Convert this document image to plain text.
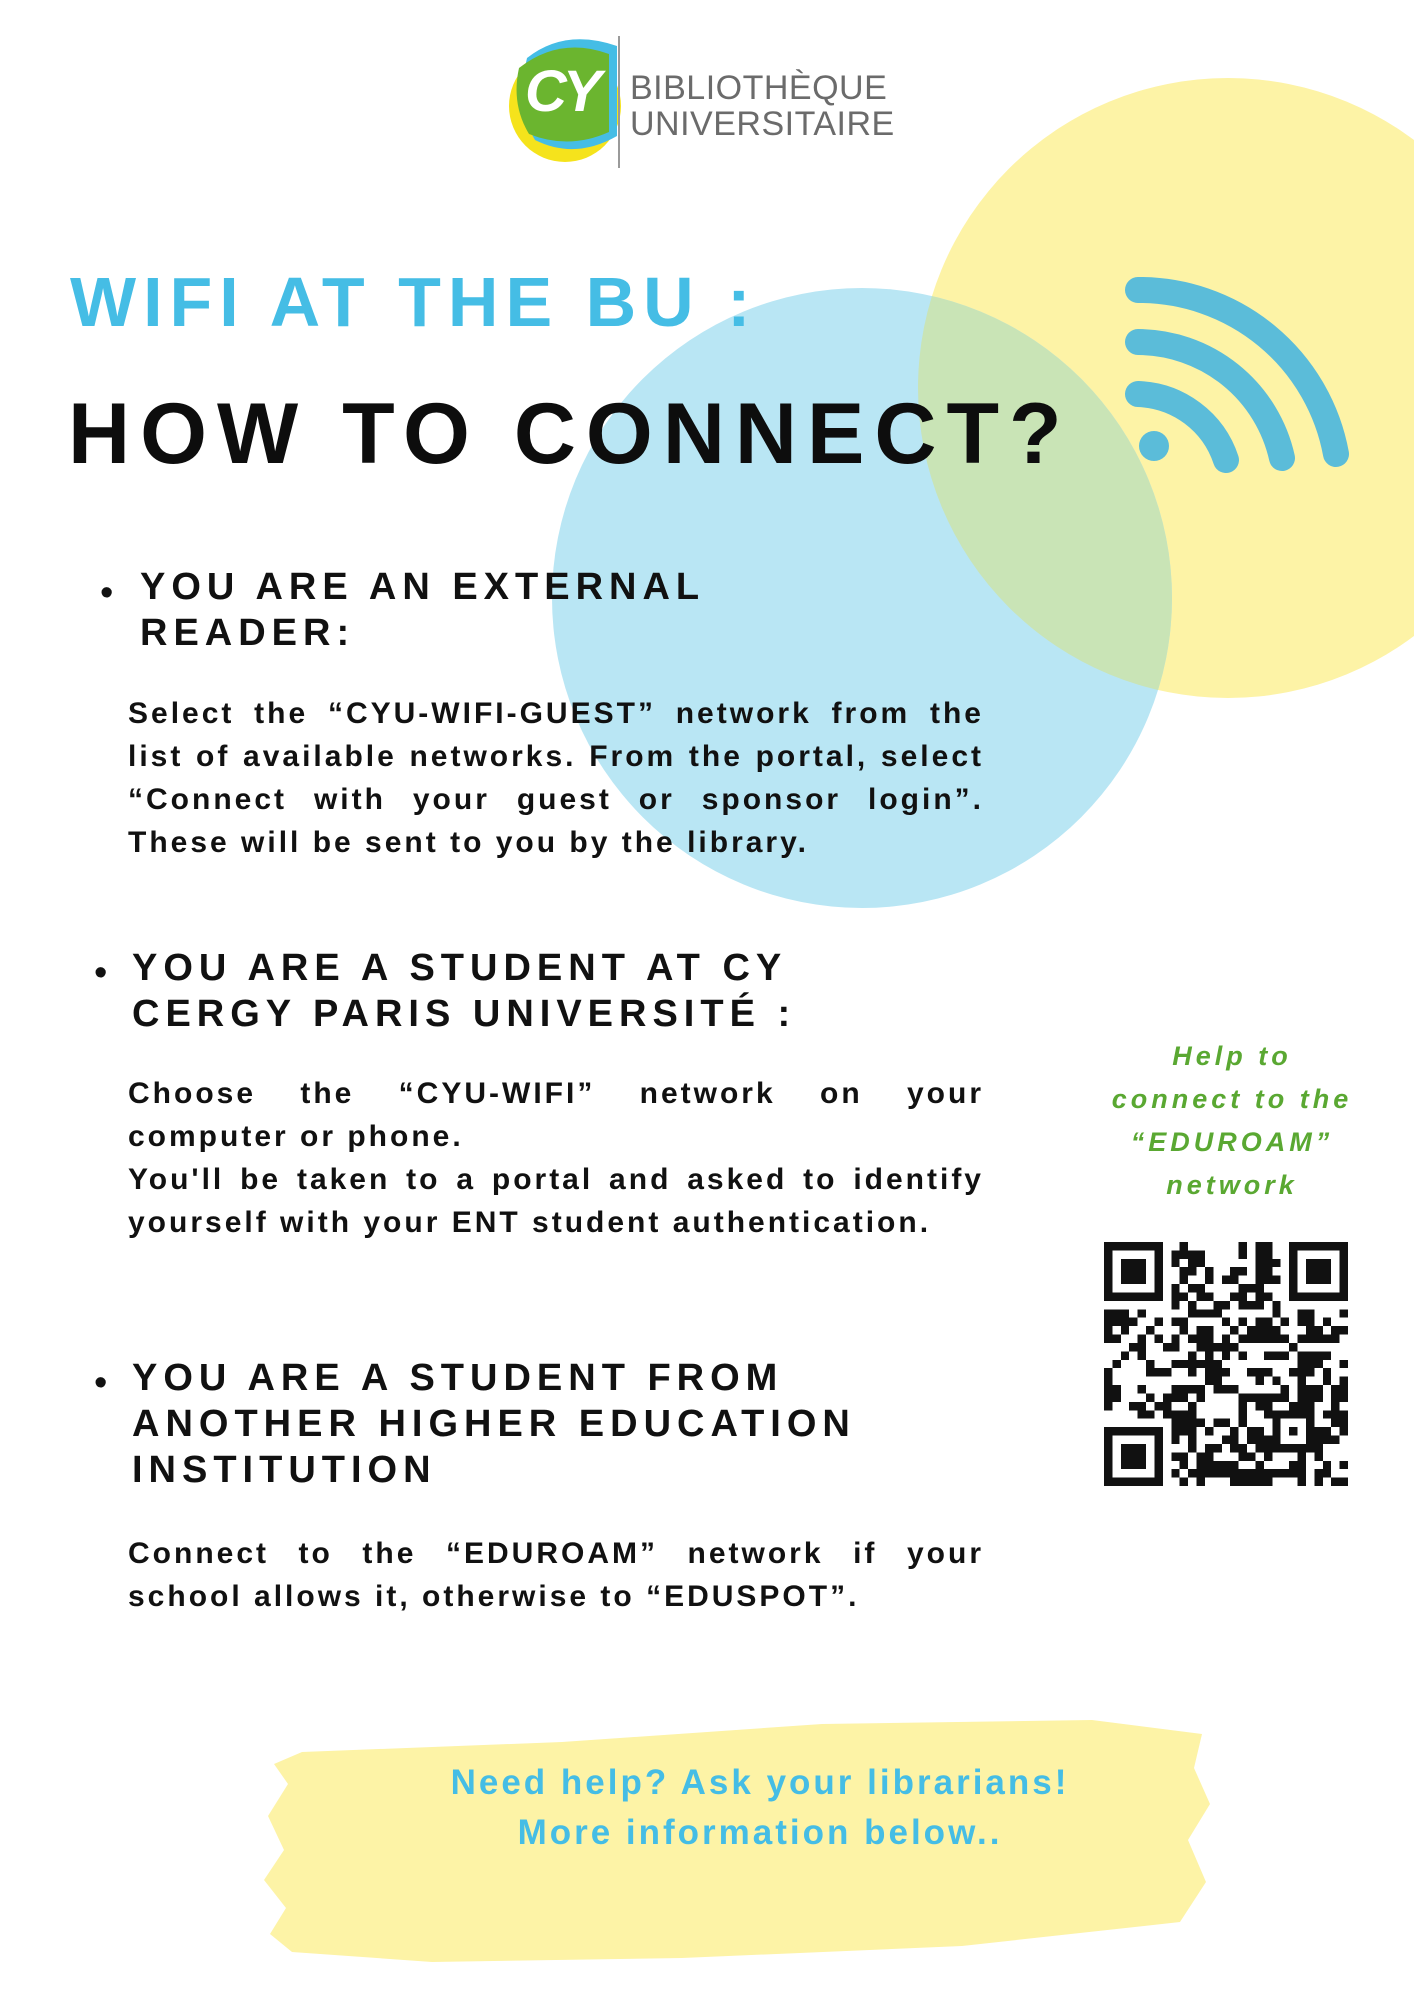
CY BIBLIOTHÈQUE
UNIVERSITAIRE
WIFI AT THE BU :
HOW TO CONNECT?
• YOU ARE AN EXTERNAL
READER:
Select the “CYU-WIFI-GUEST” network from the list of available networks. From the portal, select “Connect with your guest or sponsor login”. These will be sent to you by the library.
• YOU ARE A STUDENT AT CY
CERGY PARIS UNIVERSITÉ :

Choose the “CYU-WIFI” network on your computer or phone.

You'll be taken to a portal and asked to identify yourself with your ENT student authentication.

• YOU ARE A STUDENT FROM
ANOTHER HIGHER EDUCATION
INSTITUTION
Connect to the “EDUROAM” network if your school allows it, otherwise to “EDUSPOT”.
Help to
connect to the
“EDUROAM”
network
Need help? Ask your librarians!
More information below..
